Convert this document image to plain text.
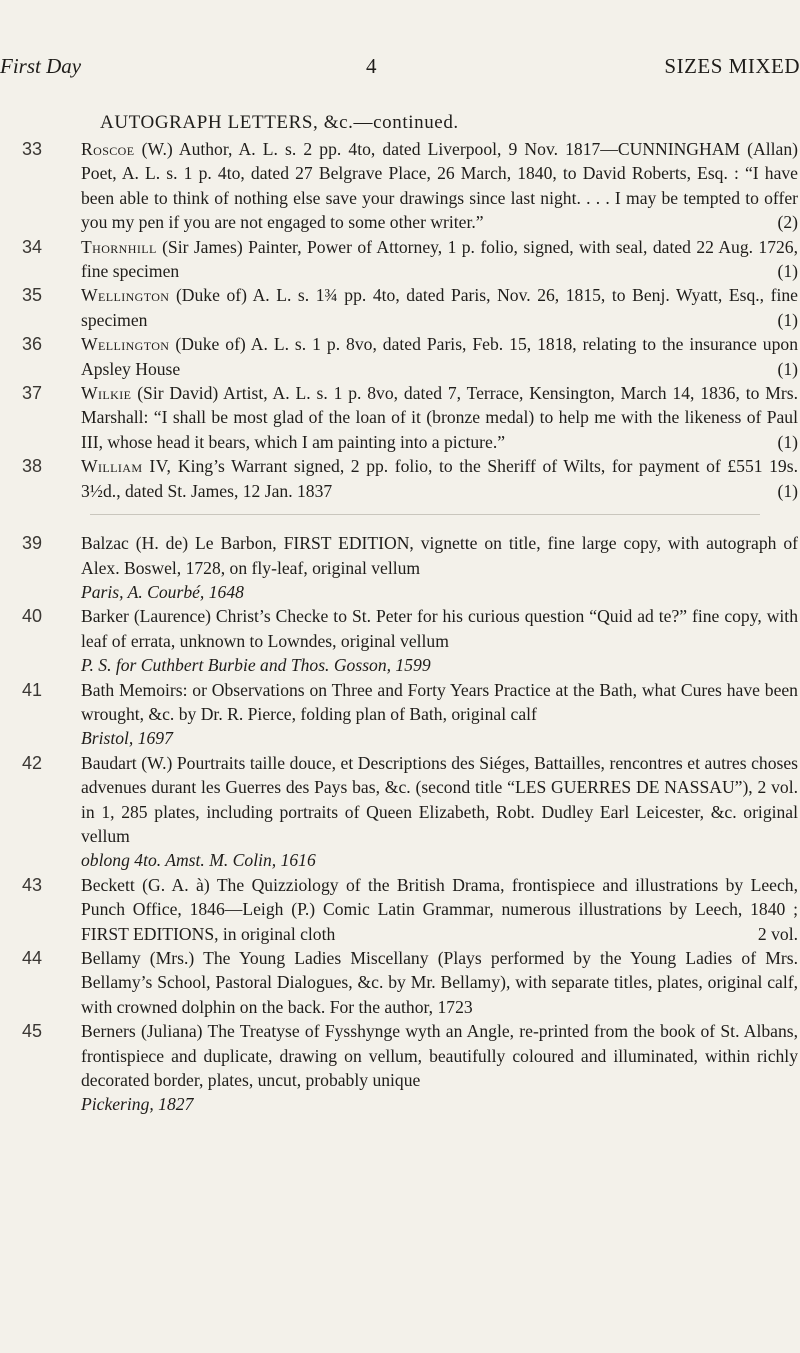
First Day	4	SIZES MIXED
AUTOGRAPH LETTERS, &c.—continued.
33	Roscoe (W.) Author, A. L. s. 2 pp. 4to, dated Liverpool, 9 Nov. 1817—CUNNINGHAM (Allan) Poet, A. L. s. 1 p. 4to, dated 27 Belgrave Place, 26 March, 1840, to David Roberts, Esq. : “I have been able to think of nothing else save your drawings since last night. . . . I may be tempted to offer you my pen if you are not engaged to some other writer.”	(2)
34	Thornhill (Sir James) Painter, Power of Attorney, 1 p. folio, signed, with seal, dated 22 Aug. 1726, fine specimen	(1)
35	Wellington (Duke of) A. L. s. 1¾ pp. 4to, dated Paris, Nov. 26, 1815, to Benj. Wyatt, Esq., fine specimen	(1)
36	Wellington (Duke of) A. L. s. 1 p. 8vo, dated Paris, Feb. 15, 1818, relating to the insurance upon Apsley House	(1)
37	Wilkie (Sir David) Artist, A. L. s. 1 p. 8vo, dated 7, Terrace, Kensington, March 14, 1836, to Mrs. Marshall: “I shall be most glad of the loan of it (bronze medal) to help me with the likeness of Paul III, whose head it bears, which I am painting into a picture.”	(1)
38	William IV, King’s Warrant signed, 2 pp. folio, to the Sheriff of Wilts, for payment of £551 19s. 3½d., dated St. James, 12 Jan. 1837	(1)
39	Balzac (H. de) Le Barbon, FIRST EDITION, vignette on title, fine large copy, with autograph of Alex. Boswel, 1728, on fly-leaf, original vellum
Paris, A. Courbé, 1648
40	Barker (Laurence) Christ’s Checke to St. Peter for his curious question “Quid ad te?” fine copy, with leaf of errata, unknown to Lowndes, original vellum
P. S. for Cuthbert Burbie and Thos. Gosson, 1599
41	Bath Memoirs: or Observations on Three and Forty Years Practice at the Bath, what Cures have been wrought, &c. by Dr. R. Pierce, folding plan of Bath, original calf
Bristol, 1697
42	Baudart (W.) Pourtraits taille douce, et Descriptions des Siéges, Battailles, rencontres et autres choses advenues durant les Guerres des Pays bas, &c. (second title “LES GUERRES DE NASSAU”), 2 vol. in 1, 285 plates, including portraits of Queen Elizabeth, Robt. Dudley Earl Leicester, &c. original vellum
oblong 4to. Amst. M. Colin, 1616
43	Beckett (G. A. à) The Quizziology of the British Drama, frontispiece and illustrations by Leech, Punch Office, 1846—Leigh (P.) Comic Latin Grammar, numerous illustrations by Leech, 1840 ; FIRST EDITIONS, in original cloth	2 vol.
44	Bellamy (Mrs.) The Young Ladies Miscellany (Plays performed by the Young Ladies of Mrs. Bellamy’s School, Pastoral Dialogues, &c. by Mr. Bellamy), with separate titles, plates, original calf, with crowned dolphin on the back. For the author, 1723
45	Berners (Juliana) The Treatyse of Fysshynge wyth an Angle, re-printed from the book of St. Albans, frontispiece and duplicate, drawing on vellum, beautifully coloured and illuminated, within richly decorated border, plates, uncut, probably unique
Pickering, 1827
